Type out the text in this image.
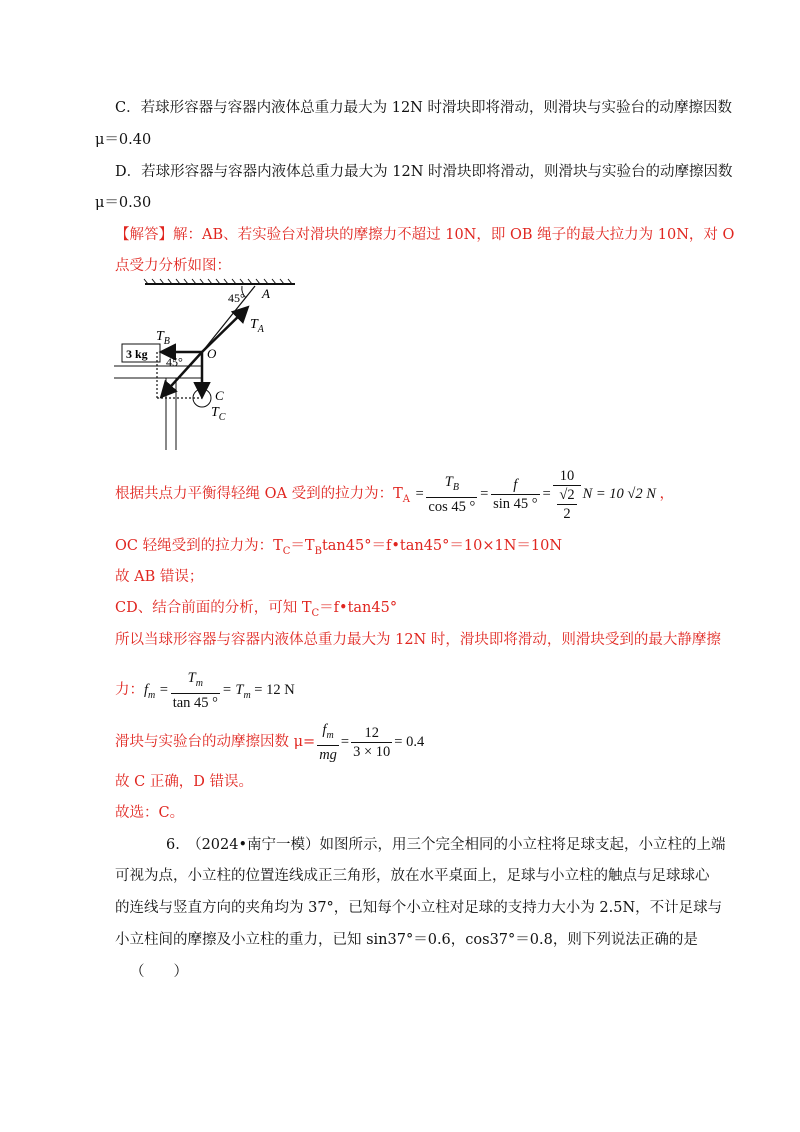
C．若球形容器与容器内液体总重力最大为 12N 时滑块即将滑动，则滑块与实验台的动摩擦因数
μ＝0.40
D．若球形容器与容器内液体总重力最大为 12N 时滑块即将滑动，则滑块与实验台的动摩擦因数
μ＝0.30
【解答】解：AB、若实验台对滑块的摩擦力不超过 10N，即 OB 绳子的最大拉力为 10N，对 O
点受力分析如图：
45° A
$T_A$
3 kg
$T_B$
O
45°
C
$T_C$
根据共点力平衡得轻绳 OA 受到的拉力为：$T_A = \frac{T_B}{\cos 45 ^\circ} = \frac{f}{\sin 45 ^\circ} = \frac{10}{\frac{√2}{2}}$ N = 10 √2 N ，
OC 轻绳受到的拉力为：$T_C=T_B\tan 45^\circ=f•\tan 45^\circ=10\times 1N=10N$
故 AB 错误；
CD、结合前面的分析，可知 $T_C=f•\tan 45^\circ$
所以当球形容器与容器内液体总重力最大为 12N 时，滑块即将滑动，则滑块受到的最大静摩擦
力：$f_m = \frac{T_m}{\tan 45 ^\circ} = T_m = 12$ N
滑块与实验台的动摩擦因数 $\mu= \frac{f_m}{mg} = \frac{12}{3 \times 10} = 0.4$
故 C 正确，D 错误。
故选：C。
6.　（2024•南宁一模）如图所示，用三个完全相同的小立柱将足球支起，小立柱的上端
可视为点，小立柱的位置连线成正三角形，放在水平桌面上，足球与小立柱的触点与足球球心
的连线与竖直方向的夹角均为 37°，已知每个小立柱对足球的支持力大小为 2.5N，不计足球与
小立柱间的摩擦及小立柱的重力，已知 sin37°＝0.6，cos37°＝0.8，则下列说法正确的是
（　　）
